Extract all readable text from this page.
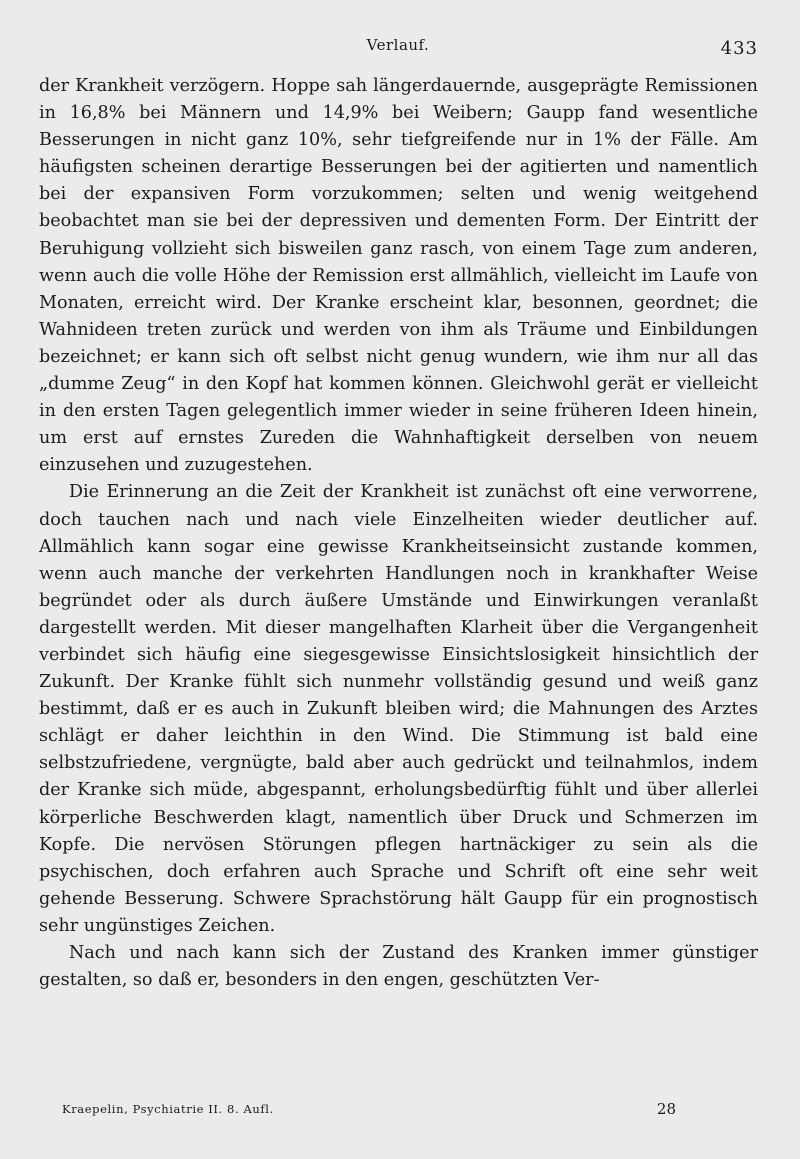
Verlauf.	433

der Krankheit verzögern. Hoppe sah längerdauernde, ausgeprägte Remissionen in 16,8% bei Männern und 14,9% bei Weibern; Gaupp fand wesentliche Besserungen in nicht ganz 10%, sehr tiefgreifende nur in 1% der Fälle. Am häufigsten scheinen derartige Besserungen bei der agitierten und namentlich bei der expansiven Form vorzukommen; selten und wenig weitgehend beobachtet man sie bei der depressiven und dementen Form. Der Eintritt der Beruhigung vollzieht sich bisweilen ganz rasch, von einem Tage zum anderen, wenn auch die volle Höhe der Remission erst allmählich, vielleicht im Laufe von Monaten, erreicht wird. Der Kranke erscheint klar, besonnen, geordnet; die Wahnideen treten zurück und werden von ihm als Träume und Einbildungen bezeichnet; er kann sich oft selbst nicht genug wundern, wie ihm nur all das „dumme Zeug“ in den Kopf hat kommen können. Gleichwohl gerät er vielleicht in den ersten Tagen gelegentlich immer wieder in seine früheren Ideen hinein, um erst auf ernstes Zureden die Wahnhaftigkeit derselben von neuem einzusehen und zuzugestehen.

Die Erinnerung an die Zeit der Krankheit ist zunächst oft eine verworrene, doch tauchen nach und nach viele Einzelheiten wieder deutlicher auf. Allmählich kann sogar eine gewisse Krankheitseinsicht zustande kommen, wenn auch manche der verkehrten Handlungen noch in krankhafter Weise begründet oder als durch äußere Umstände und Einwirkungen veranlaßt dargestellt werden. Mit dieser mangelhaften Klarheit über die Vergangenheit verbindet sich häufig eine siegesgewisse Einsichtslosigkeit hinsichtlich der Zukunft. Der Kranke fühlt sich nunmehr vollständig gesund und weiß ganz bestimmt, daß er es auch in Zukunft bleiben wird; die Mahnungen des Arztes schlägt er daher leichthin in den Wind. Die Stimmung ist bald eine selbstzufriedene, vergnügte, bald aber auch gedrückt und teilnahmlos, indem der Kranke sich müde, abgespannt, erholungsbedürftig fühlt und über allerlei körperliche Beschwerden klagt, namentlich über Druck und Schmerzen im Kopfe. Die nervösen Störungen pflegen hartnäckiger zu sein als die psychischen, doch erfahren auch Sprache und Schrift oft eine sehr weit gehende Besserung. Schwere Sprachstörung hält Gaupp für ein prognostisch sehr ungünstiges Zeichen.

Nach und nach kann sich der Zustand des Kranken immer günstiger gestalten, so daß er, besonders in den engen, geschützten Ver-

Kraepelin, Psychiatrie II. 8. Aufl.	28
